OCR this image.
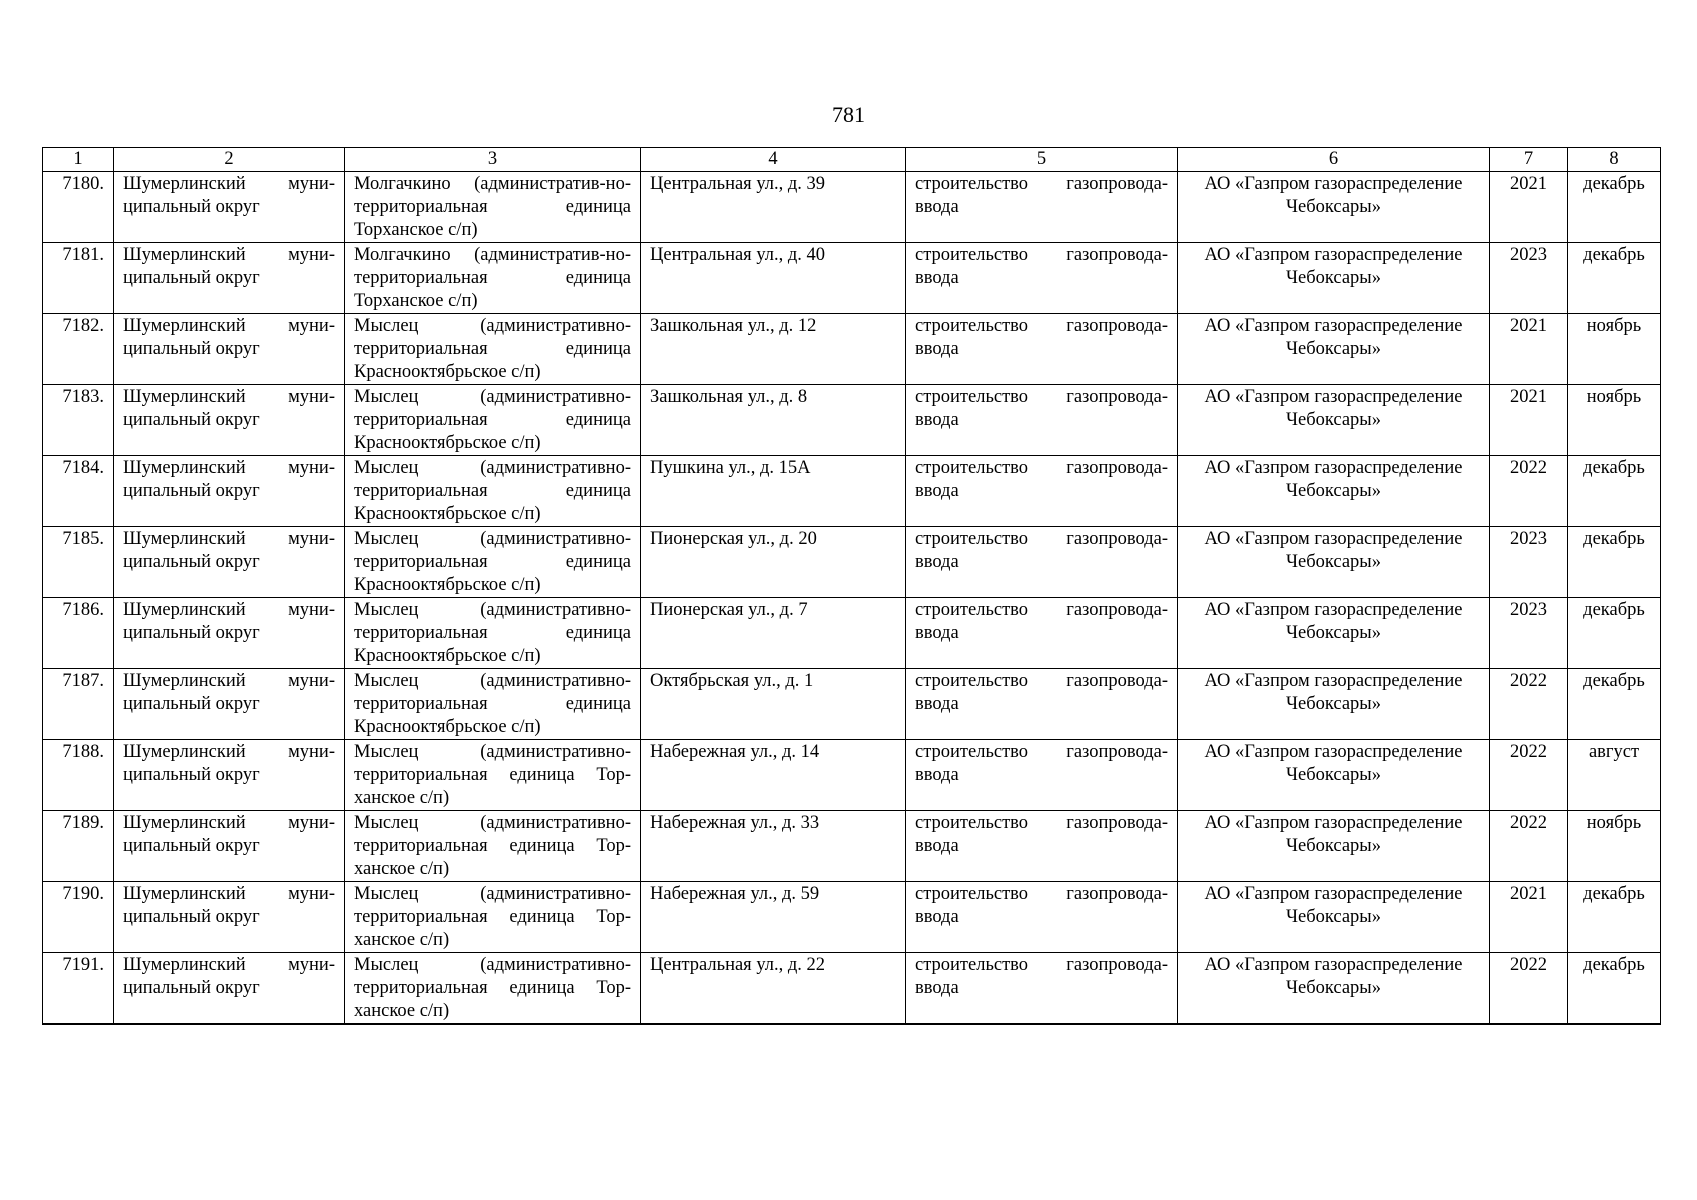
781
1	2	3	4	5	6	7	8
7180.	Шумерлинский муни-ципальный округ	Молгачкино (административ-но-территориальная единица Торханское с/п)	Центральная ул., д. 39	строительство газопровода-ввода	АО «Газпром газораспределение Чебоксары»	2021	декабрь
7181.	Шумерлинский муни-ципальный округ	Молгачкино (административ-но-территориальная единица Торханское с/п)	Центральная ул., д. 40	строительство газопровода-ввода	АО «Газпром газораспределение Чебоксары»	2023	декабрь
7182.	Шумерлинский муни-ципальный округ	Мыслец (административно-территориальная единица Краснооктябрьское с/п)	Зашкольная ул., д. 12	строительство газопровода-ввода	АО «Газпром газораспределение Чебоксары»	2021	ноябрь
7183.	Шумерлинский муни-ципальный округ	Мыслец (административно-территориальная единица Краснооктябрьское с/п)	Зашкольная ул., д. 8	строительство газопровода-ввода	АО «Газпром газораспределение Чебоксары»	2021	ноябрь
7184.	Шумерлинский муни-ципальный округ	Мыслец (административно-территориальная единица Краснооктябрьское с/п)	Пушкина ул., д. 15А	строительство газопровода-ввода	АО «Газпром газораспределение Чебоксары»	2022	декабрь
7185.	Шумерлинский муни-ципальный округ	Мыслец (административно-территориальная единица Краснооктябрьское с/п)	Пионерская ул., д. 20	строительство газопровода-ввода	АО «Газпром газораспределение Чебоксары»	2023	декабрь
7186.	Шумерлинский муни-ципальный округ	Мыслец (административно-территориальная единица Краснооктябрьское с/п)	Пионерская ул., д. 7	строительство газопровода-ввода	АО «Газпром газораспределение Чебоксары»	2023	декабрь
7187.	Шумерлинский муни-ципальный округ	Мыслец (административно-территориальная единица Краснооктябрьское с/п)	Октябрьская ул., д. 1	строительство газопровода-ввода	АО «Газпром газораспределение Чебоксары»	2022	декабрь
7188.	Шумерлинский муни-ципальный округ	Мыслец (административно-территориальная единица Тор-ханское с/п)	Набережная ул., д. 14	строительство газопровода-ввода	АО «Газпром газораспределение Чебоксары»	2022	август
7189.	Шумерлинский муни-ципальный округ	Мыслец (административно-территориальная единица Тор-ханское с/п)	Набережная ул., д. 33	строительство газопровода-ввода	АО «Газпром газораспределение Чебоксары»	2022	ноябрь
7190.	Шумерлинский муни-ципальный округ	Мыслец (административно-территориальная единица Тор-ханское с/п)	Набережная ул., д. 59	строительство газопровода-ввода	АО «Газпром газораспределение Чебоксары»	2021	декабрь
7191.	Шумерлинский муни-ципальный округ	Мыслец (административно-территориальная единица Тор-ханское с/п)	Центральная ул., д. 22	строительство газопровода-ввода	АО «Газпром газораспределение Чебоксары»	2022	декабрь
